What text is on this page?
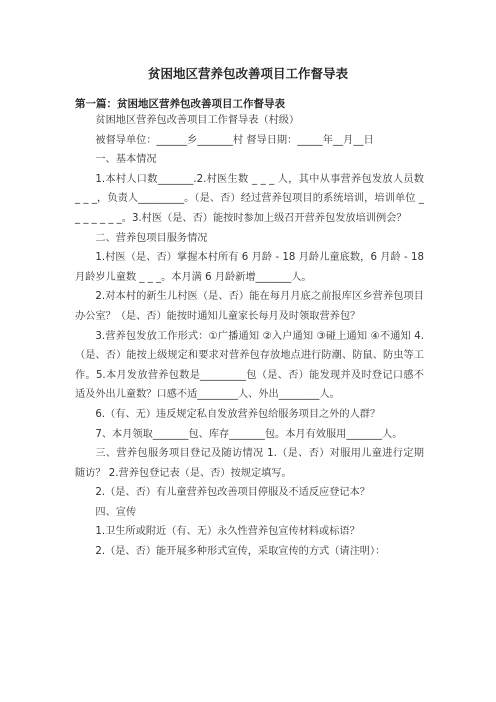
贫困地区营养包改善项目工作督导表
第一篇：贫困地区营养包改善项目工作督导表

贫困地区营养包改善项目工作督导表（村级）

被督导单位：______乡_______村 督导日期：_____年__月__日

一、基本情况

1.本村人口数_______.2.村医生数 _ _ _ 人，其中从事营养包发放人员数 _ _ _，负责人_________。（是、否）经过营养包项目的系统培训，培训单位 _ _ _ _ _ _ _。3.村医（是、否）能按时参加上级召开营养包发放培训例会？

二、营养包项目服务情况

1.村医（是、否）掌握本村所有 6 月龄 - 18 月龄儿童底数，6 月龄 - 18 月龄岁儿童数 _ _ _。本月满 6 月龄新增_______人。

2.对本村的新生儿村医（是、否）能在每月月底之前报库区乡营养包项目办公室？（是、否）能按时通知儿童家长每月及时领取营养包？

3.营养包发放工作形式：①广播通知 ②入户通知 ③碰上通知 ④不通知 4.（是、否）能按上级规定和要求对营养包存放地点进行防潮、防鼠、防虫等工作。5.本月发放营养包数是_________包（是、否）能发现并及时登记口感不适及外出儿童数？口感不适________人、外出________人。

6.（有、无）违反规定私自发放营养包给服务项目之外的人群？

7、本月领取_______包、库存_______包。本月有效服用_______人。

三、营养包服务项目登记及随访情况 1.（是、否）对服用儿童进行定期随访？ 2.营养包登记表（是、否）按规定填写。

2.（是、否）有儿童营养包改善项目停服及不适反应登记本？

四、宣传

1.卫生所或附近（有、无）永久性营养包宣传材料或标语？

2.（是、否）能开展多种形式宣传，采取宣传的方式（请注明）：
